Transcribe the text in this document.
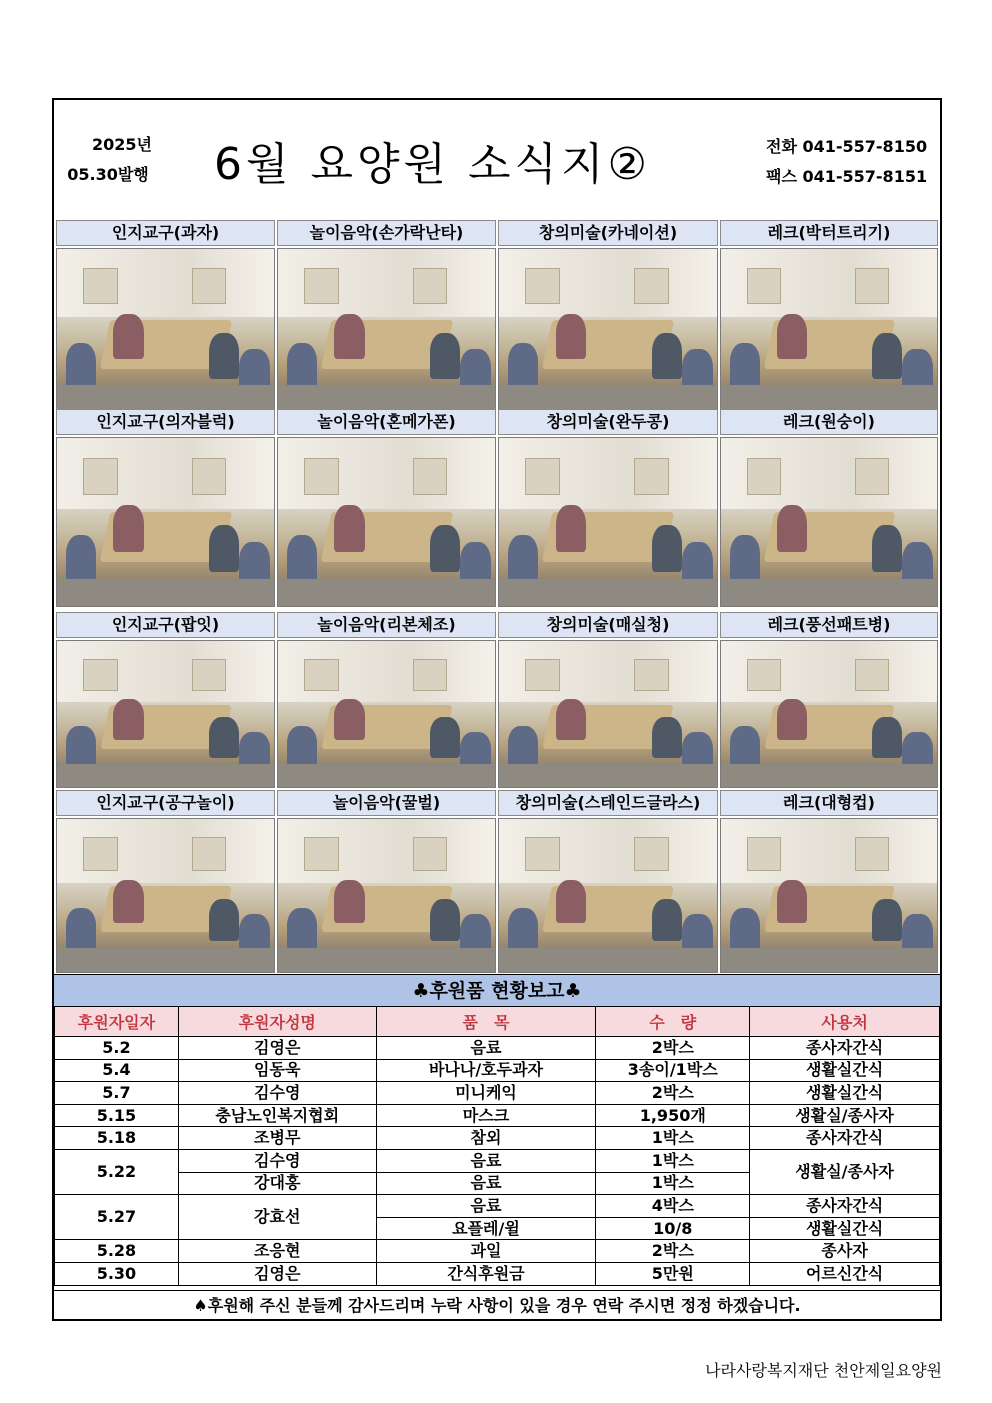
2025년
05.30발행 6월 요양원 소식지②	전화 041-557-8150
팩스 041-557-8151
인지교구(과자)	놀이음악(손가락난타)	창의미술(카네이션)	레크(박터트리기)
인지교구(의자블럭)	놀이음악(혼메가폰)	창의미술(완두콩)	레크(원숭이)
인지교구(팝잇)	놀이음악(리본체조)	창의미술(매실청)	레크(풍선패트병)
인지교구(공구놀이)	놀이음악(꿀벌)	창의미술(스테인드글라스)	레크(대형컵)
♣후원품 현황보고♣
후원자일자	후원자성명	품　목	수　량	사용처
5.2	김영은	음료	2박스	종사자간식
5.4	임동욱	바나나/호두과자	3송이/1박스	생활실간식
5.7	김수영	미니케익	2박스	생활실간식
5.15	충남노인복지협회	마스크	1,950개	생활실/종사자
5.18	조병무	참외	1박스	종사자간식
5.22	김수영	음료	1박스	생활실/종사자
	강대홍	음료	1박스	
5.27	강효선	음료	4박스	종사자간식
		요플레/윌	10/8	생활실간식
5.28	조응현	과일	2박스	종사자
5.30	김영은	간식후원금	5만원	어르신간식
♠후원해 주신 분들께 감사드리며 누락 사항이 있을 경우 연락 주시면 정정 하겠습니다.
나라사랑복지재단 천안제일요양원
